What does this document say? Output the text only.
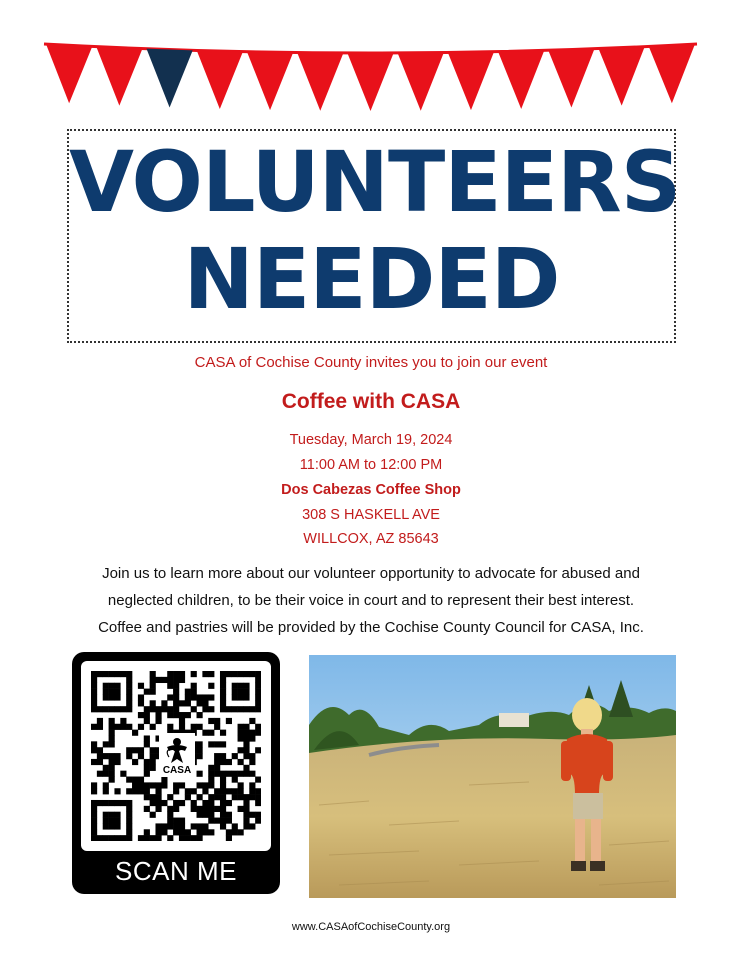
VOLUNTEERS
NEEDED
CASA of Cochise County invites you to join our event
Coffee with CASA
Tuesday, March 19, 2024
11:00 AM to 12:00 PM
Dos Cabezas Coffee Shop
308 S HASKELL AVE
WILLCOX, AZ 85643
Join us to learn more about our volunteer opportunity to advocate for abused and
neglected children, to be their voice in court and to represent their best interest.
Coffee and pastries will be provided by the Cochise County Council for CASA, Inc.
CASA
SCAN ME
www.CASAofCochiseCounty.org
